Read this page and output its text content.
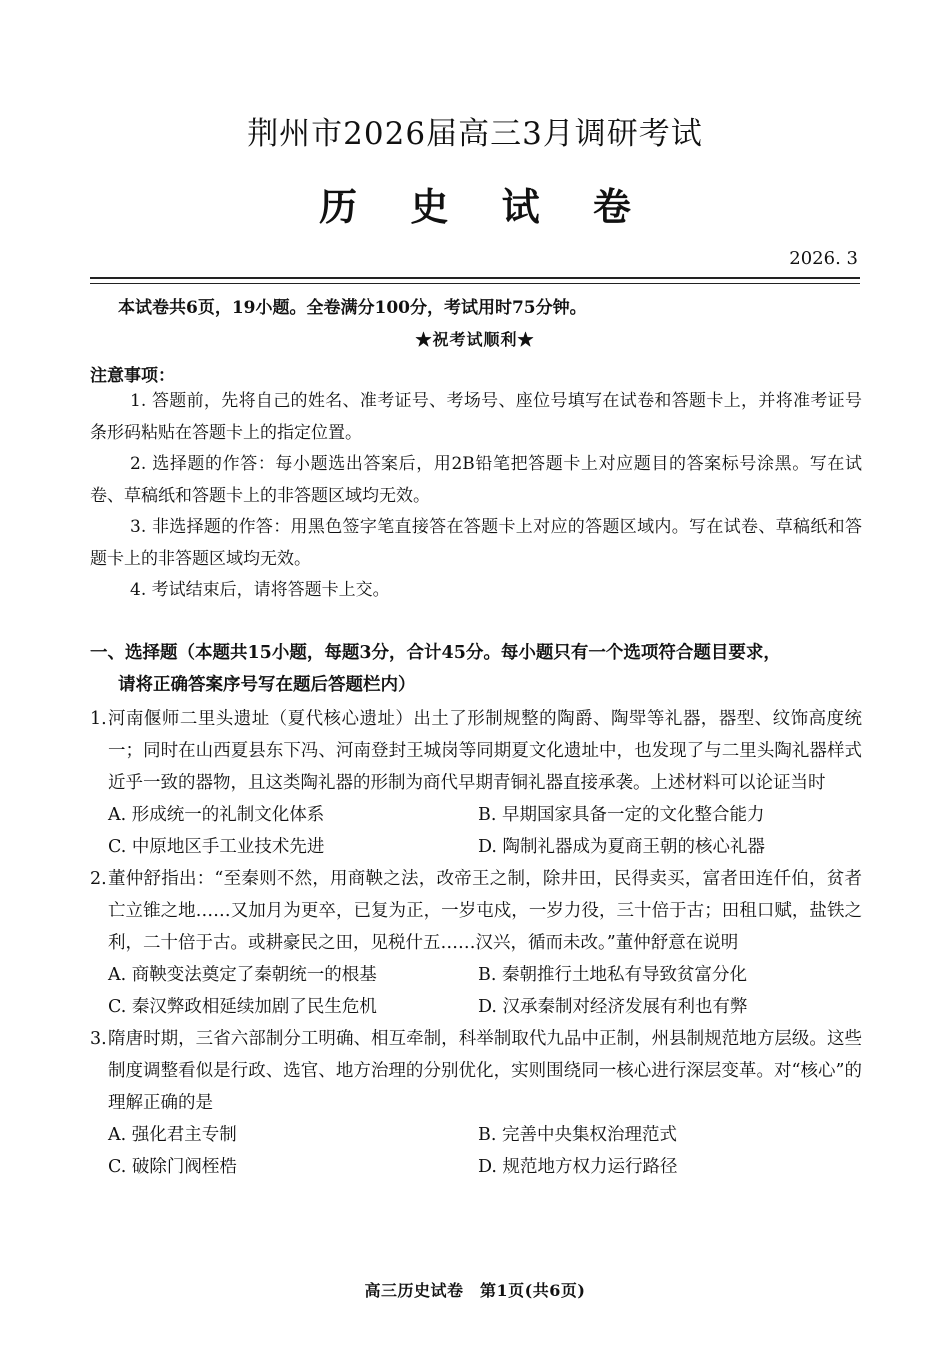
荆州市2026届高三3月调研考试
历 史 试 卷
2026. 3
本试卷共6页，19小题。全卷满分100分，考试用时75分钟。
★祝考试顺利★
注意事项：

1. 答题前，先将自己的姓名、准考证号、考场号、座位号填写在试卷和答题卡上，并将准考证号条形码粘贴在答题卡上的指定位置。

2. 选择题的作答：每小题选出答案后，用2B铅笔把答题卡上对应题目的答案标号涂黑。写在试卷、草稿纸和答题卡上的非答题区域均无效。

3. 非选择题的作答：用黑色签字笔直接答在答题卡上对应的答题区域内。写在试卷、草稿纸和答题卡上的非答题区域均无效。

4. 考试结束后，请将答题卡上交。

一、选择题（本题共15小题，每题3分，合计45分。每小题只有一个选项符合题目要求，
请将正确答案序号写在题后答题栏内）
1. 河南偃师二里头遗址（夏代核心遗址）出土了形制规整的陶爵、陶斝等礼器，器型、纹饰高度统一；同时在山西夏县东下冯、河南登封王城岗等同期夏文化遗址中，也发现了与二里头陶礼器样式近乎一致的器物，且这类陶礼器的形制为商代早期青铜礼器直接承袭。上述材料可以论证当时
A. 形成统一的礼制文化体系	B. 早期国家具备一定的文化整合能力
C. 中原地区手工业技术先进	D. 陶制礼器成为夏商王朝的核心礼器
2. 董仲舒指出：“至秦则不然，用商鞅之法，改帝王之制，除井田，民得卖买，富者田连仟伯，贫者亡立锥之地……又加月为更卒，已复为正，一岁屯戍，一岁力役，三十倍于古；田租口赋，盐铁之利，二十倍于古。或耕豪民之田，见税什五……汉兴，循而未改。”董仲舒意在说明
A. 商鞅变法奠定了秦朝统一的根基	B. 秦朝推行土地私有导致贫富分化
C. 秦汉弊政相延续加剧了民生危机	D. 汉承秦制对经济发展有利也有弊
3. 隋唐时期，三省六部制分工明确、相互牵制，科举制取代九品中正制，州县制规范地方层级。这些制度调整看似是行政、选官、地方治理的分别优化，实则围绕同一核心进行深层变革。对“核心”的理解正确的是
A. 强化君主专制	B. 完善中央集权治理范式
C. 破除门阀桎梏	D. 规范地方权力运行路径
高三历史试卷　第1页(共6页)
